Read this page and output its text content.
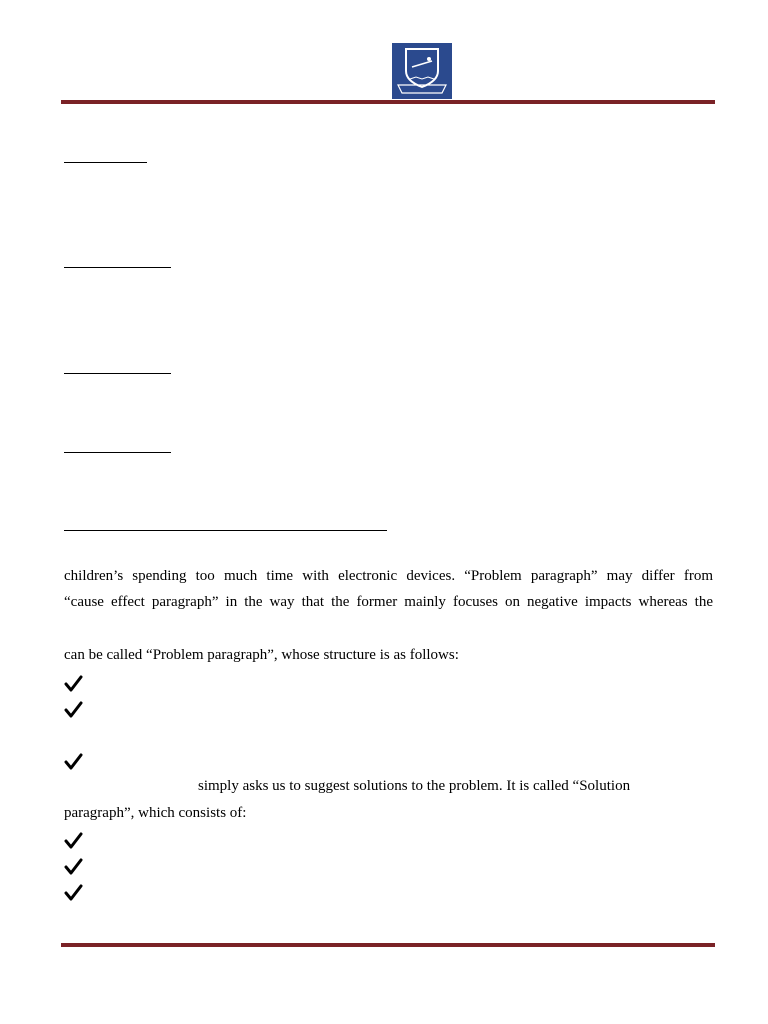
children’s spending too much time with electronic devices. “Problem paragraph” may differ from
“cause effect paragraph” in the way that the former mainly focuses on negative impacts whereas the
can be called “Problem paragraph”, whose structure is as follows:
simply asks us to suggest solutions to the problem. It is called “Solution
paragraph”, which consists of:
